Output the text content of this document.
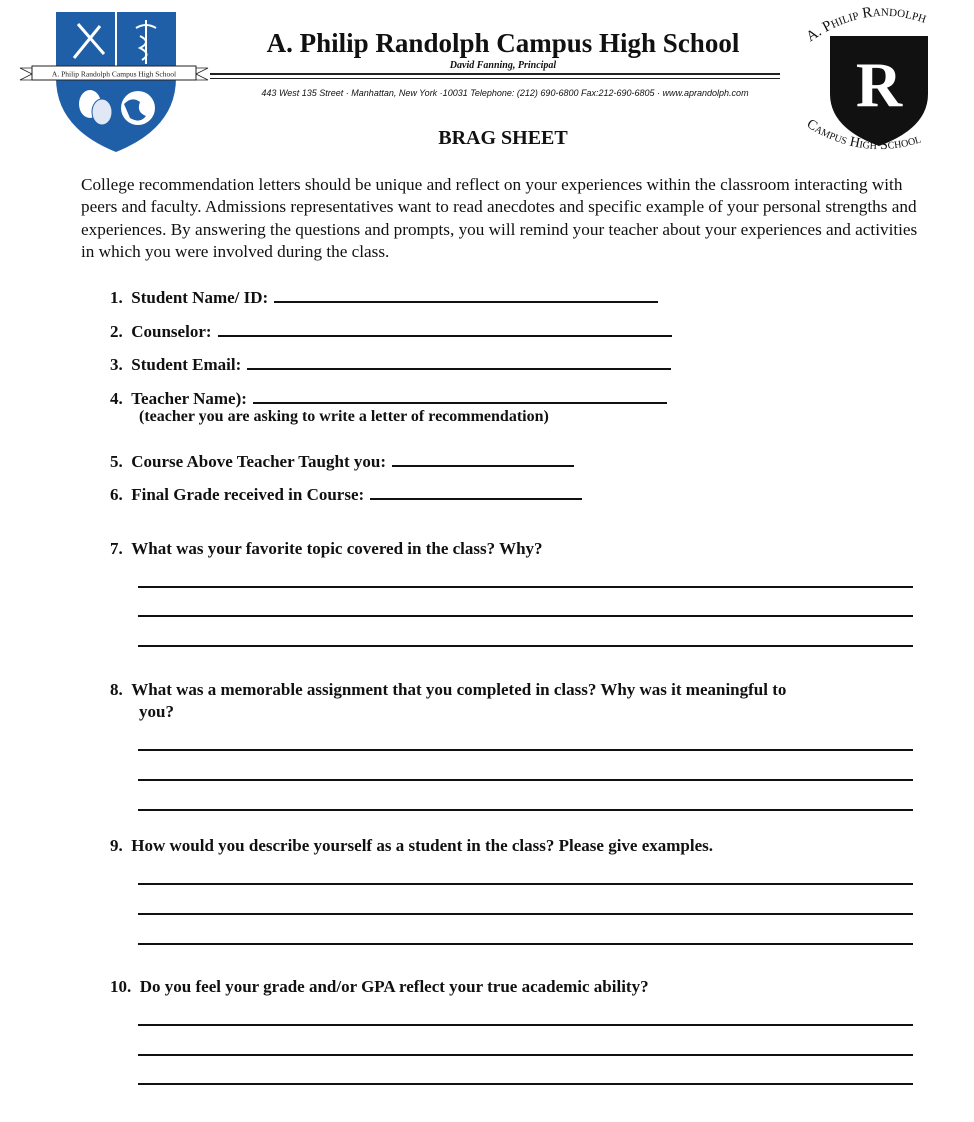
A. Philip Randolph Campus High School	R
A. Philip Randolph
Campus High School
A. Philip Randolph Campus High School
David Fanning, Principal
443 West 135 Street · Manhattan, New York ·10031 Telephone: (212) 690-6800 Fax:212-690-6805 · www.aprandolph.com
BRAG SHEET
College recommendation letters should be unique and reflect on your experiences within the classroom interacting with peers and faculty. Admissions representatives want to read anecdotes and specific example of your personal strengths and experiences. By answering the questions and prompts, you will remind your teacher about your experiences and activities in which you were involved during the class.
1. Student Name/ ID:
2. Counselor:
3. Student Email:
4. Teacher Name):
(teacher you are asking to write a letter of recommendation)
5. Course Above Teacher Taught you:
6. Final Grade received in Course:
7. What was your favorite topic covered in the class? Why?
8. What was a memorable assignment that you completed in class? Why was it meaningful to
you?
9. How would you describe yourself as a student in the class? Please give examples.
10. Do you feel your grade and/or GPA reflect your true academic ability?
